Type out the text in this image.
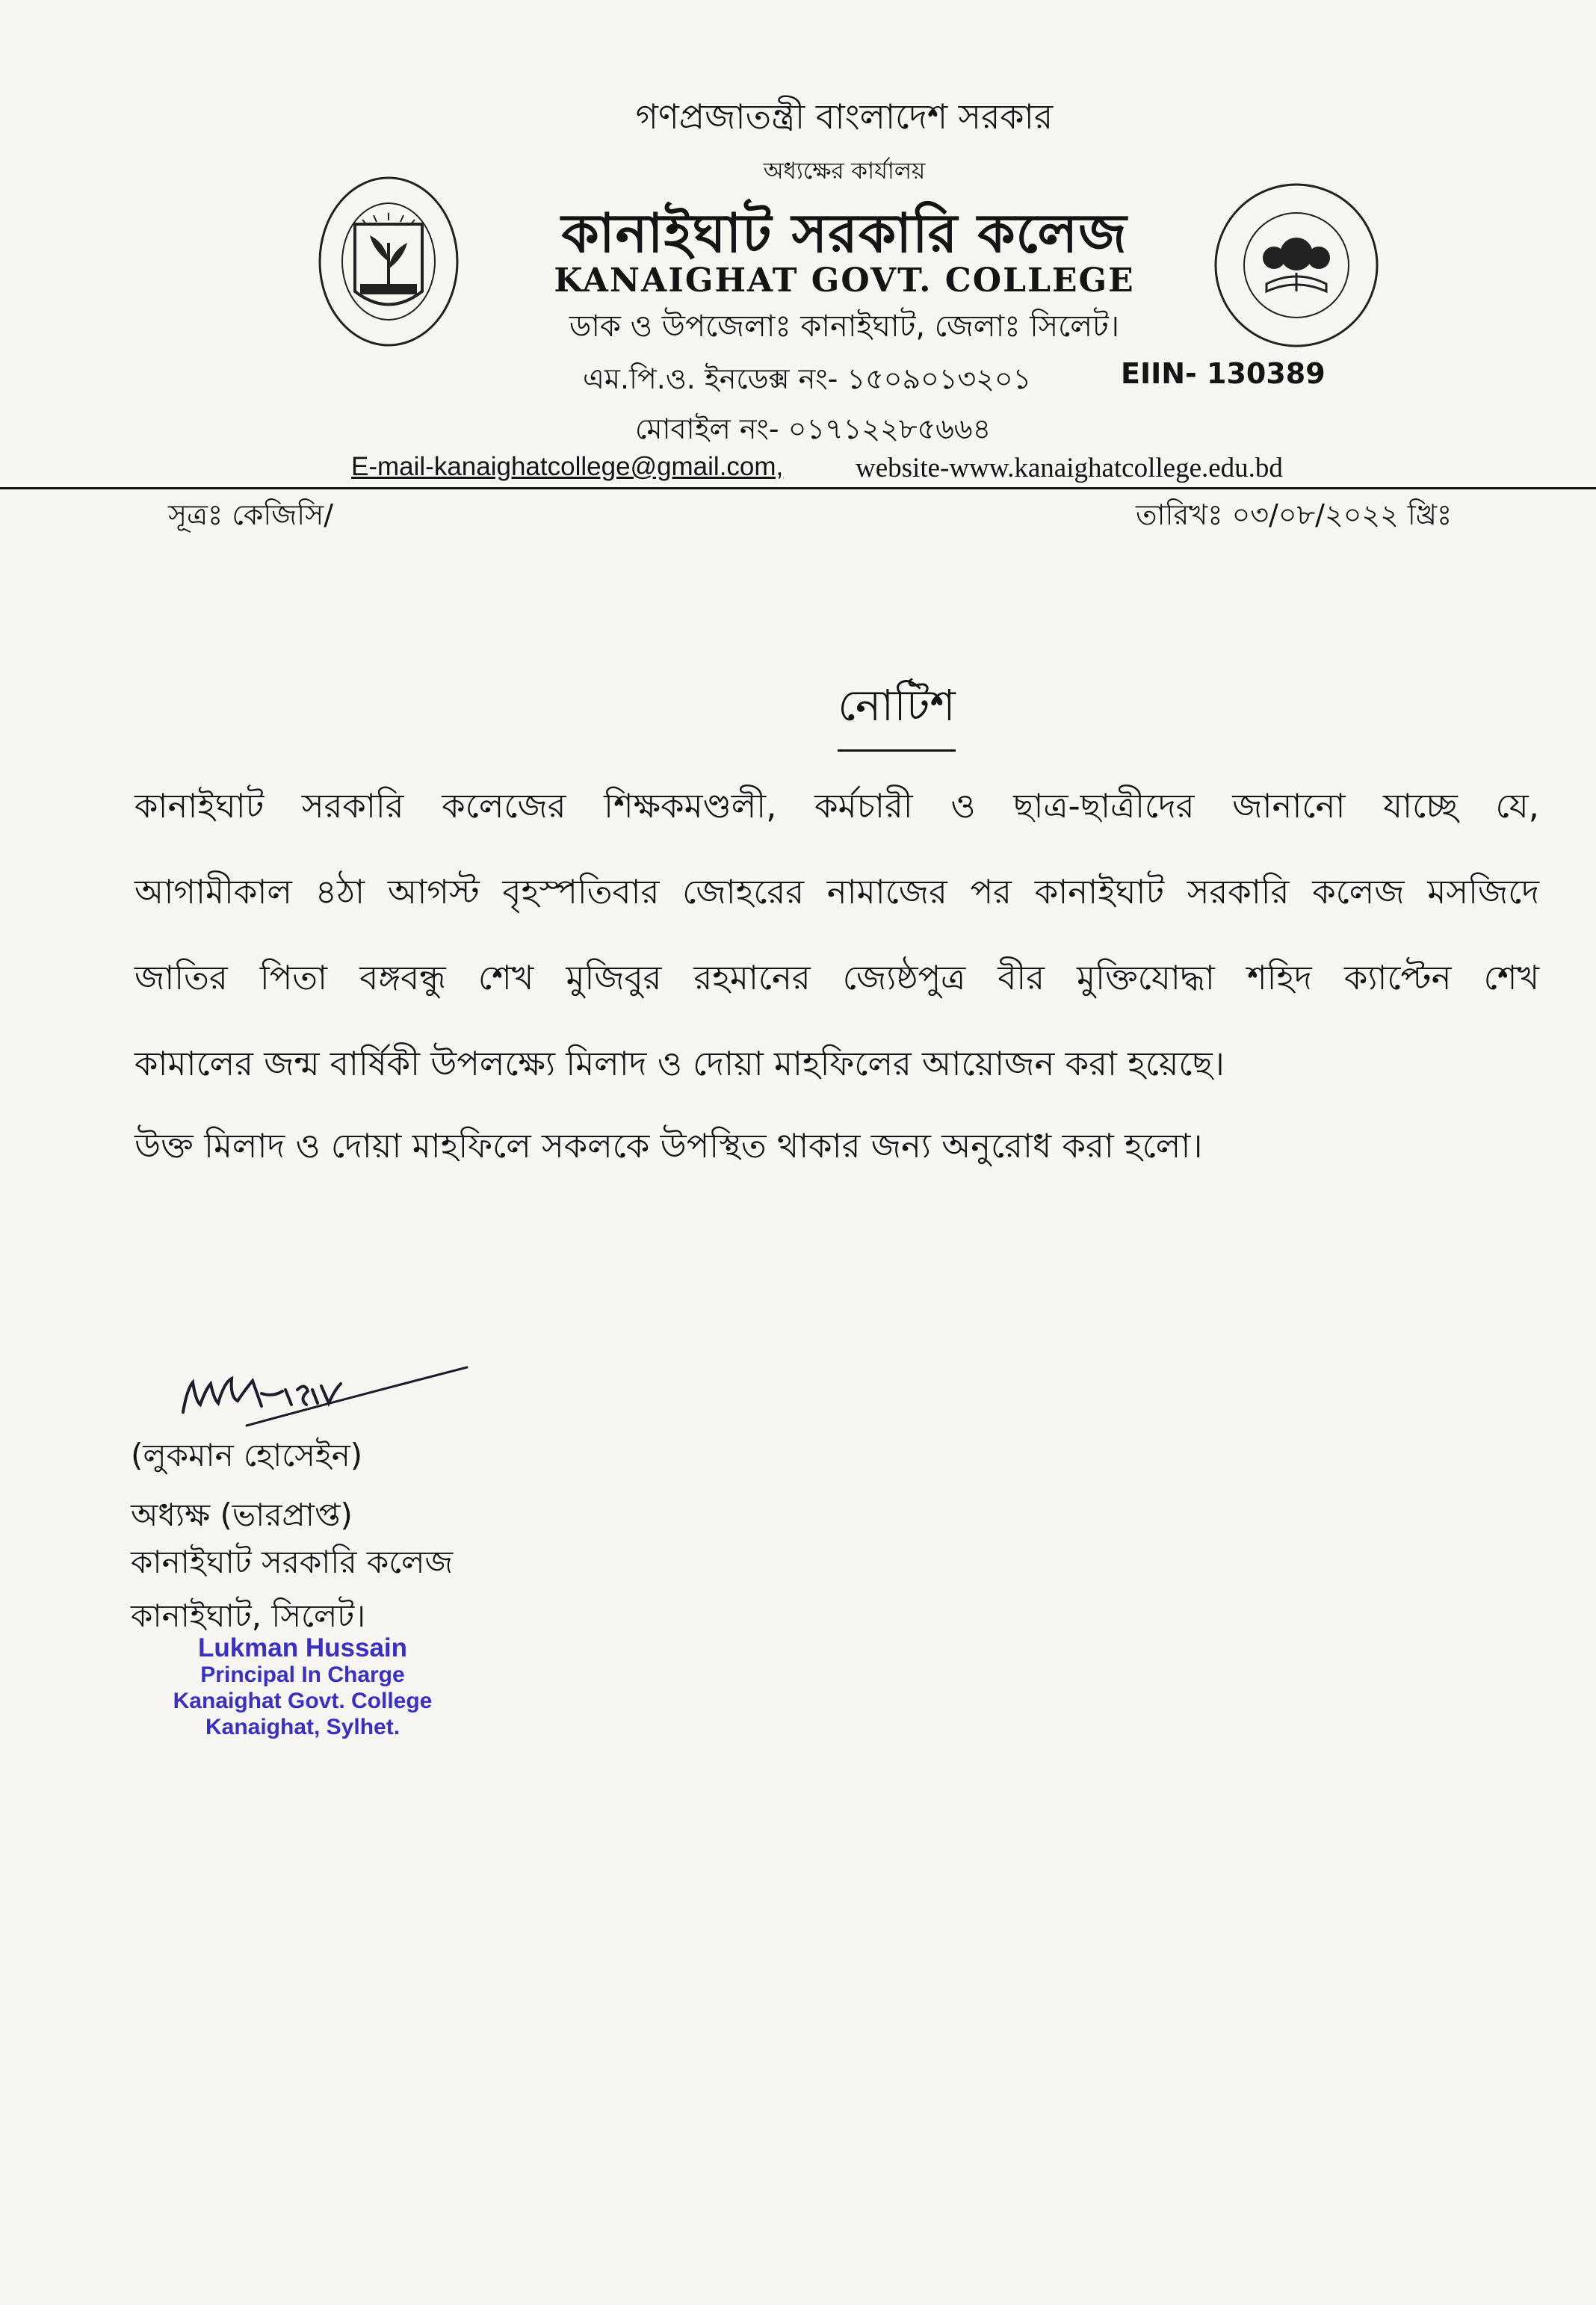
গণপ্রজাতন্ত্রী বাংলাদেশ সরকার
অধ্যক্ষের কার্যালয়
কানাইঘাট সরকারি কলেজ
KANAIGHAT GOVT. COLLEGE
ডাক ও উপজেলাঃ কানাইঘাট, জেলাঃ সিলেট।
এম.পি.ও. ইনডেক্স নং- ১৫০৯০১৩২০১	EIIN- 130389
মোবাইল নং- ০১৭১২২৮৫৬৬৪
E-mail-kanaighatcollege@gmail.com,	website-www.kanaighatcollege.edu.bd
সূত্রঃ কেজিসি/	তারিখঃ ০৩/০৮/২০২২ খ্রিঃ
নোটিশ
কানাইঘাট সরকারি কলেজের শিক্ষকমণ্ডলী, কর্মচারী ও ছাত্র-ছাত্রীদের জানানো যাচ্ছে যে,
আগামীকাল ৪ঠা আগস্ট বৃহস্পতিবার জোহরের নামাজের পর কানাইঘাট সরকারি কলেজ মসজিদে
জাতির পিতা বঙ্গবন্ধু শেখ মুজিবুর রহমানের জ্যেষ্ঠপুত্র বীর মুক্তিযোদ্ধা শহিদ ক্যাপ্টেন শেখ
কামালের জন্ম বার্ষিকী উপলক্ষ্যে মিলাদ ও দোয়া মাহফিলের আয়োজন করা হয়েছে।
উক্ত মিলাদ ও দোয়া মাহফিলে সকলকে উপস্থিত থাকার জন্য অনুরোধ করা হলো।
(লুকমান হোসেইন)
অধ্যক্ষ (ভারপ্রাপ্ত)
কানাইঘাট সরকারি কলেজ
কানাইঘাট, সিলেট।
Lukman Hussain
Principal In Charge
Kanaighat Govt. College
Kanaighat, Sylhet.
